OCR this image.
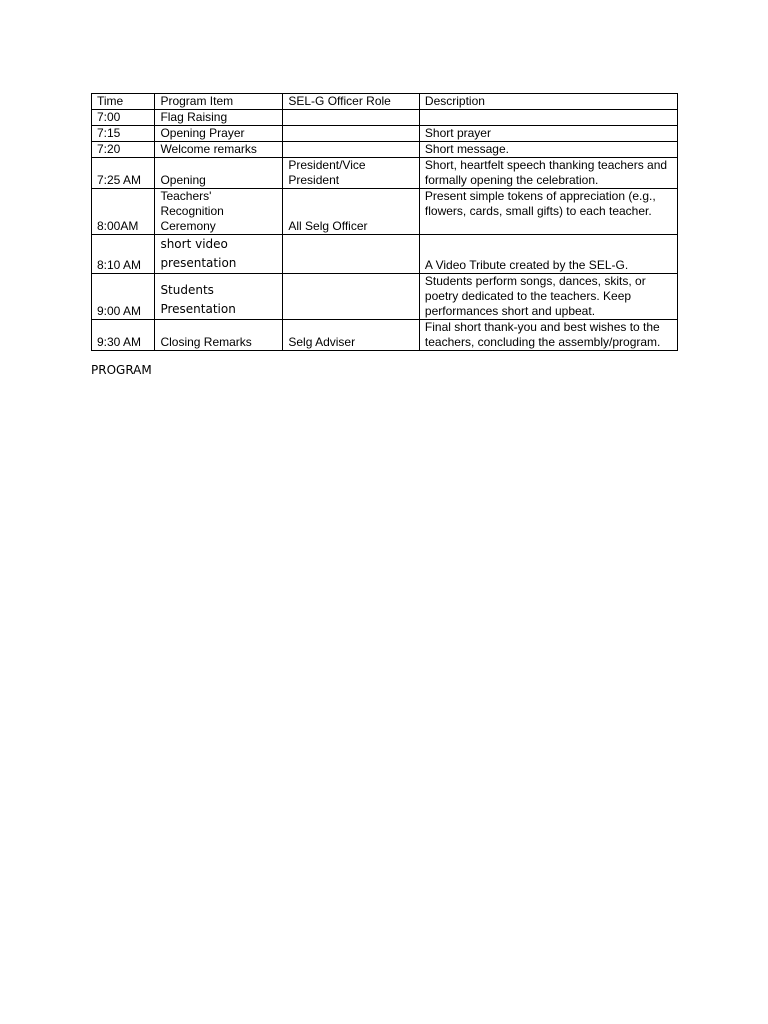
Time	Program Item	SEL-G Officer Role	Description
7:00	Flag Raising		
7:15	Opening Prayer		Short prayer
7:20	Welcome remarks		Short message.
7:25 AM	Opening	President/Vice President	Short, heartfelt speech thanking teachers and formally opening the celebration.
8:00AM	Teachers' Recognition Ceremony	All Selg Officer	Present simple tokens of appreciation (e.g., flowers, cards, small gifts) to each teacher.
8:10 AM	short video presentation		A Video Tribute created by the SEL-G.
9:00 AM	Students Presentation		Students perform songs, dances, skits, or poetry dedicated to the teachers. Keep performances short and upbeat.
9:30 AM	Closing Remarks	Selg Adviser	Final short thank-you and best wishes to the teachers, concluding the assembly/program.
PROGRAM
